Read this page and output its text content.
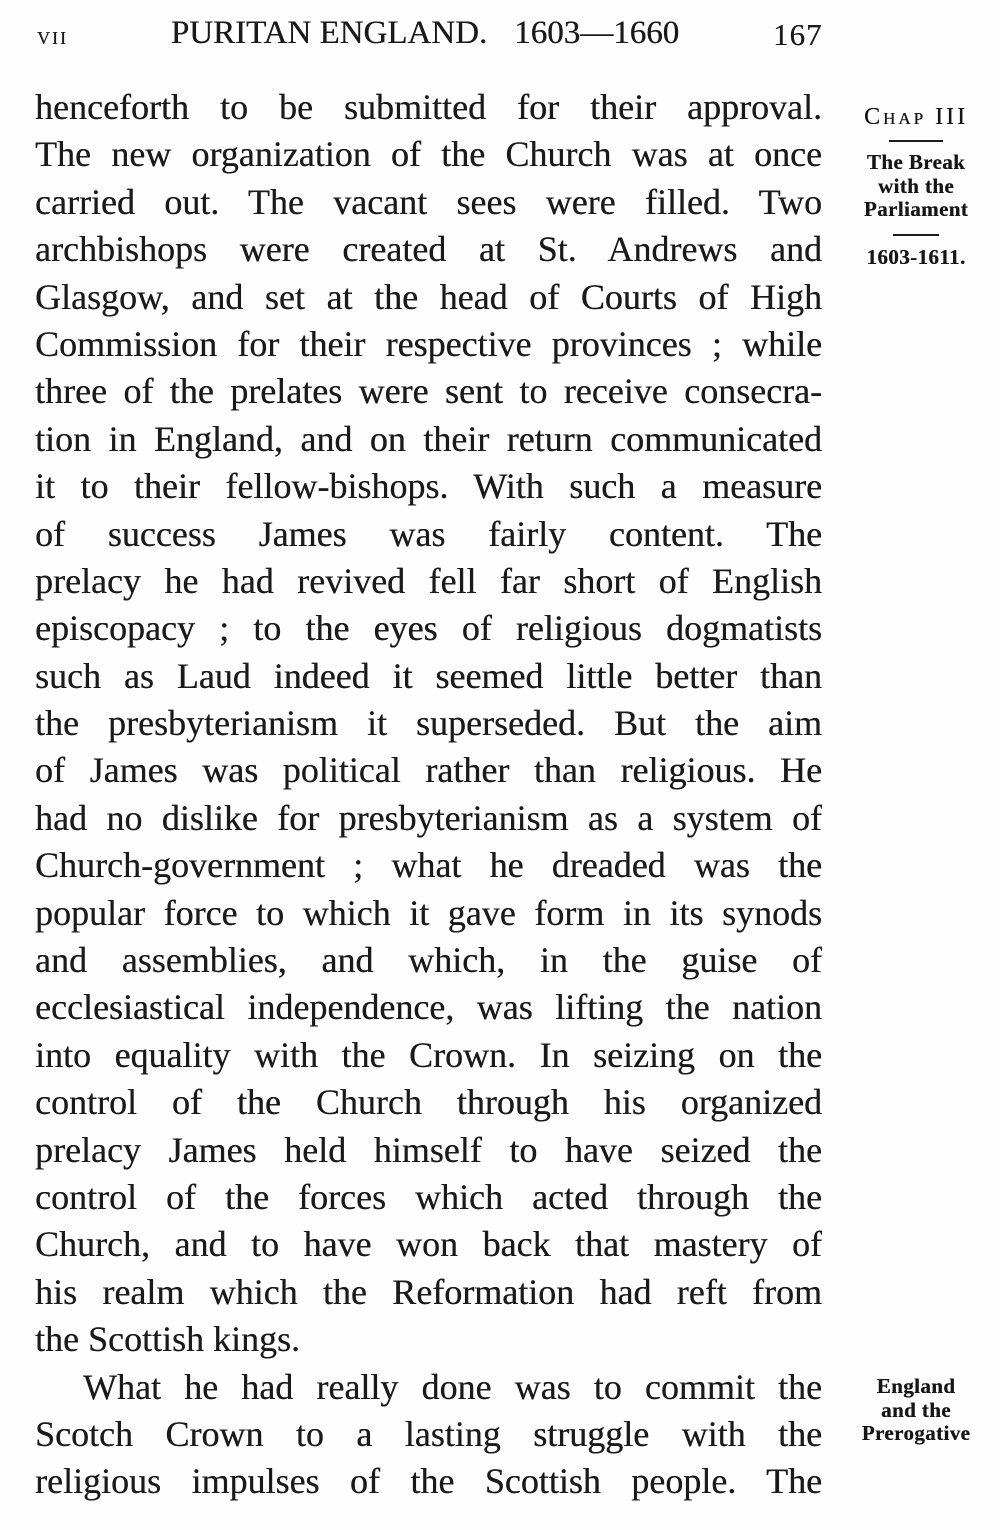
vii	PURITAN ENGLAND. 1603—1660	167
henceforth to be submitted for their approval.
The new organization of the Church was at once
carried out. The vacant sees were filled. Two
archbishops were created at St. Andrews and
Glasgow, and set at the head of Courts of High
Commission for their respective provinces ; while
three of the prelates were sent to receive consecra-
tion in England, and on their return communicated
it to their fellow-bishops. With such a measure
of success James was fairly content. The
prelacy he had revived fell far short of English
episcopacy ; to the eyes of religious dogmatists
such as Laud indeed it seemed little better than
the presbyterianism it superseded. But the aim
of James was political rather than religious. He
had no dislike for presbyterianism as a system of
Church-government ; what he dreaded was the
popular force to which it gave form in its synods
and assemblies, and which, in the guise of
ecclesiastical independence, was lifting the nation
into equality with the Crown. In seizing on the
control of the Church through his organized
prelacy James held himself to have seized the
control of the forces which acted through the
Church, and to have won back that mastery of
his realm which the Reformation had reft from
the Scottish kings.
What he had really done was to commit the
Scotch Crown to a lasting struggle with the
religious impulses of the Scottish people. The
Chap III
The Break
with the
Parliament
1603-1611.
England
and the
Prerogative
